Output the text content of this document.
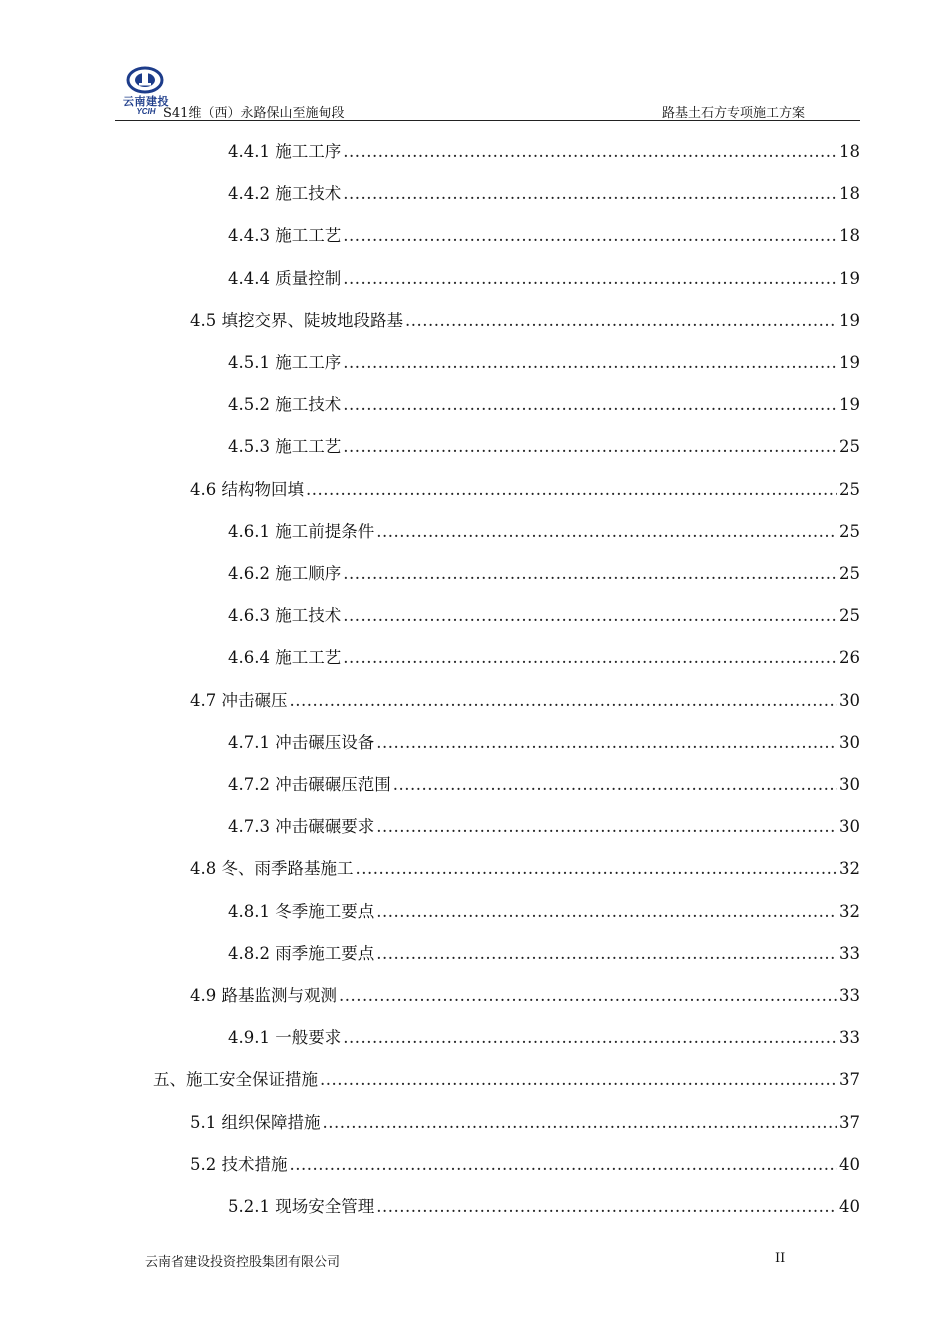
云南建投
YCIH S41维（西）永路保山至施甸段	路基土石方专项施工方案
4.4.1 施工工序 .....	18
4.4.2 施工技术 .....	18
4.4.3 施工工艺 .....	18
4.4.4 质量控制 .....	19
4.5 填挖交界、陡坡地段路基 .....	19
4.5.1 施工工序 .....	19
4.5.2 施工技术 .....	19
4.5.3 施工工艺 .....	25
4.6 结构物回填 .....	25
4.6.1 施工前提条件 .....	25
4.6.2 施工顺序 .....	25
4.6.3 施工技术 .....	25
4.6.4 施工工艺 .....	26
4.7 冲击碾压 .....	30
4.7.1 冲击碾压设备 .....	30
4.7.2 冲击碾碾压范围 .....	30
4.7.3 冲击碾碾要求 .....	30
4.8 冬、雨季路基施工 .....	32
4.8.1 冬季施工要点 .....	32
4.8.2 雨季施工要点 .....	33
4.9 路基监测与观测 .....	33
4.9.1 一般要求 .....	33
五、施工安全保证措施 .....	37
5.1 组织保障措施 .....	37
5.2 技术措施 .....	40
5.2.1 现场安全管理 .....	40
云南省建设投资控股集团有限公司	II
